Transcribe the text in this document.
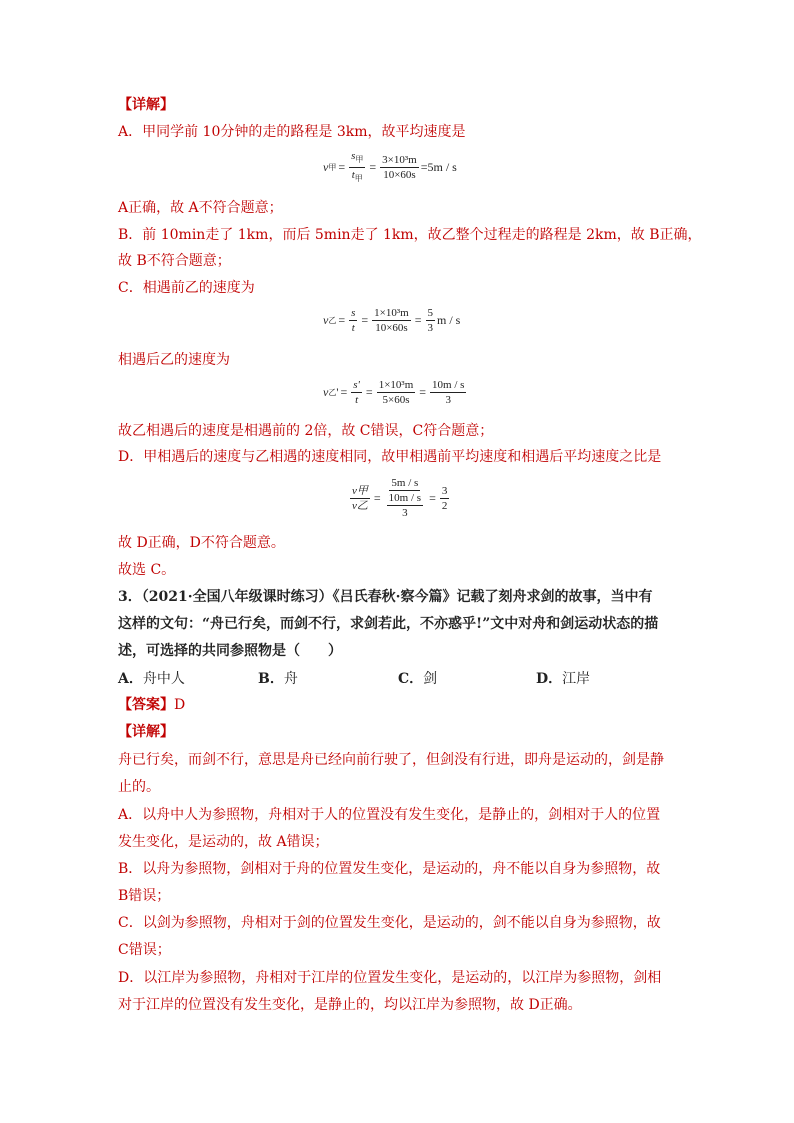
【详解】
A．甲同学前 10分钟的走的路程是 3km，故平均速度是
v 甲 = $\frac{s_甲}{t_甲} = \frac{\text{3×10³m}}{10\times 60s} =5m / s$
A正确，故 A不符合题意；
B．前 10min走了 1km，而后 5min走了 1km，故乙整个过程走的路程是 2km，故 B正确，
故 B不符合题意；
C．相遇前乙的速度为
v 乙 = $\frac{s}{t} = \frac{\text{1×10³m}}{10\times 60s} = \frac{5}{3}$ m / s
相遇后乙的速度为
v 乙 ' = $\frac{s'}{t} = \frac{\text{1×10³m}}{5\times 60s} = \frac{10m / s}{3}$
故乙相遇后的速度是相遇前的 2倍，故 C错误，C符合题意；
D．甲相遇后的速度与乙相遇的速度相同，故甲相遇前平均速度和相遇后平均速度之比是
$\frac{\text{v甲}}{\text{v乙}} = \frac{5m / s}{\frac{10m / s}{3}} = \frac{3}{2}$
故 D正确，D不符合题意。
故选 C。
3．（2021·全国八年级课时练习）《吕氏春秋·察今篇》记载了刻舟求剑的故事，当中有
这样的文句：“舟已行矣，而剑不行，求剑若此，不亦惑乎!”文中对舟和剑运动状态的描
述，可选择的共同参照物是（　　）
A．舟中人	B．舟	C．剑	D．江岸
【答案】D
【详解】
舟已行矣，而剑不行，意思是舟已经向前行驶了，但剑没有行进，即舟是运动的，剑是静
止的。
A．以舟中人为参照物，舟相对于人的位置没有发生变化，是静止的，剑相对于人的位置
发生变化，是运动的，故 A错误；
B．以舟为参照物，剑相对于舟的位置发生变化，是运动的，舟不能以自身为参照物，故
B错误；
C．以剑为参照物，舟相对于剑的位置发生变化，是运动的，剑不能以自身为参照物，故
C错误；
D．以江岸为参照物，舟相对于江岸的位置发生变化，是运动的，以江岸为参照物，剑相
对于江岸的位置没有发生变化，是静止的，均以江岸为参照物，故 D正确。
